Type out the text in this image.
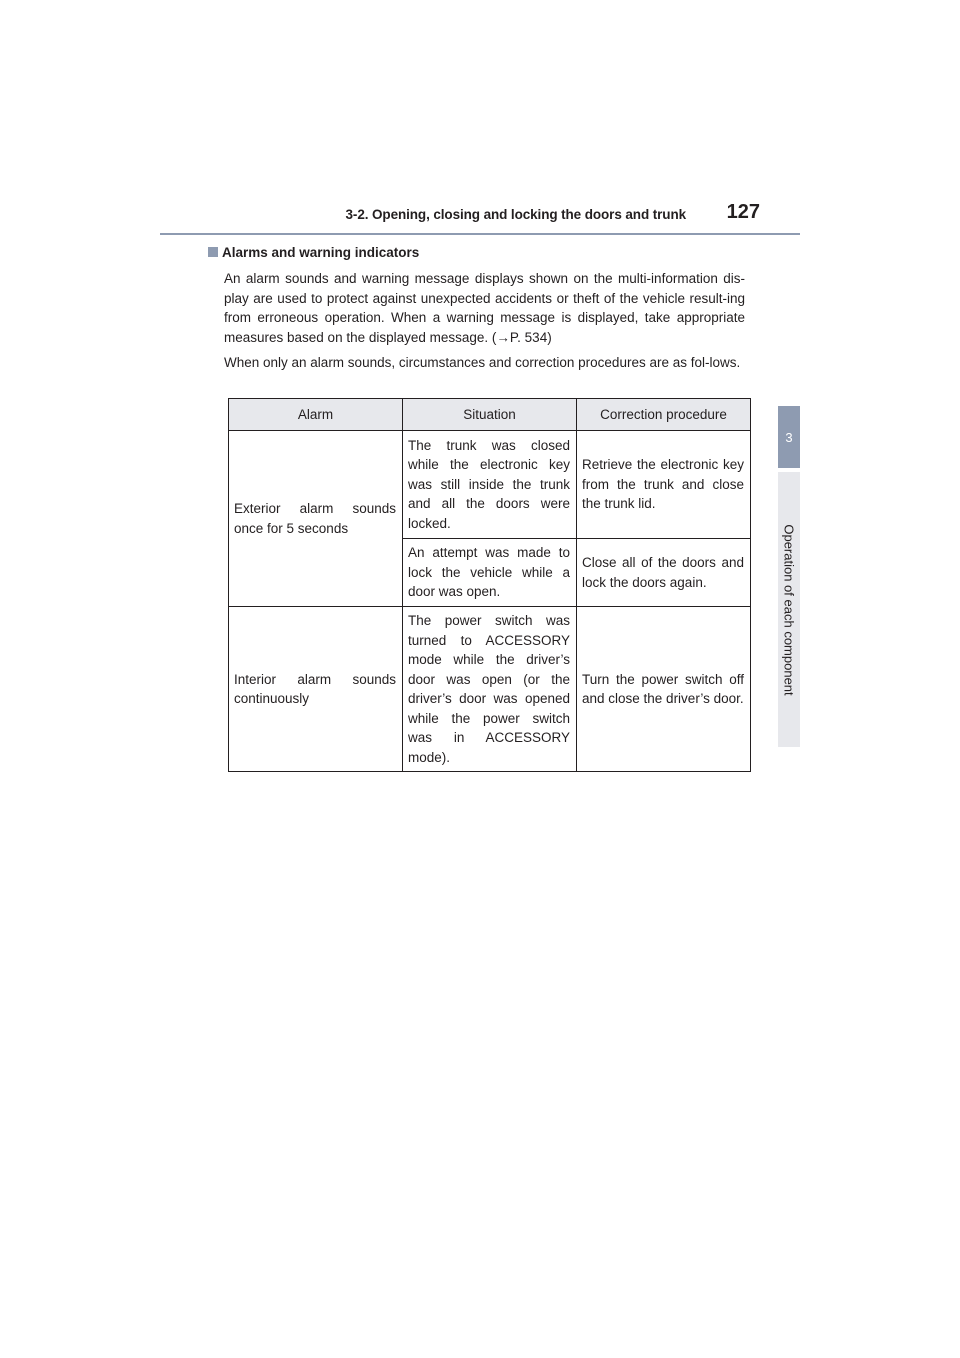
3-2. Opening, closing and locking the doors and trunk	127
3
Operation of each component
Alarms and warning indicators

An alarm sounds and warning message displays shown on the multi-information dis-play are used to protect against unexpected accidents or theft of the vehicle result-ing from erroneous operation. When a warning message is displayed, take appropriate measures based on the displayed message. (→P. 534)

When only an alarm sounds, circumstances and correction procedures are as fol-lows.

Alarm	Situation	Correction procedure

Exterior alarm sounds once for 5 seconds	The trunk was closed while the electronic key was still inside the trunk and all the doors were locked.	Retrieve the electronic key from the trunk and close the trunk lid.

	An attempt was made to lock the vehicle while a door was open.	Close all of the doors and lock the doors again.

Interior alarm sounds continuously	The power switch was turned to ACCESSORY mode while the driver’s door was open (or the driver’s door was opened while the power switch was in ACCESSORY mode).	Turn the power switch off and close the driver’s door.
